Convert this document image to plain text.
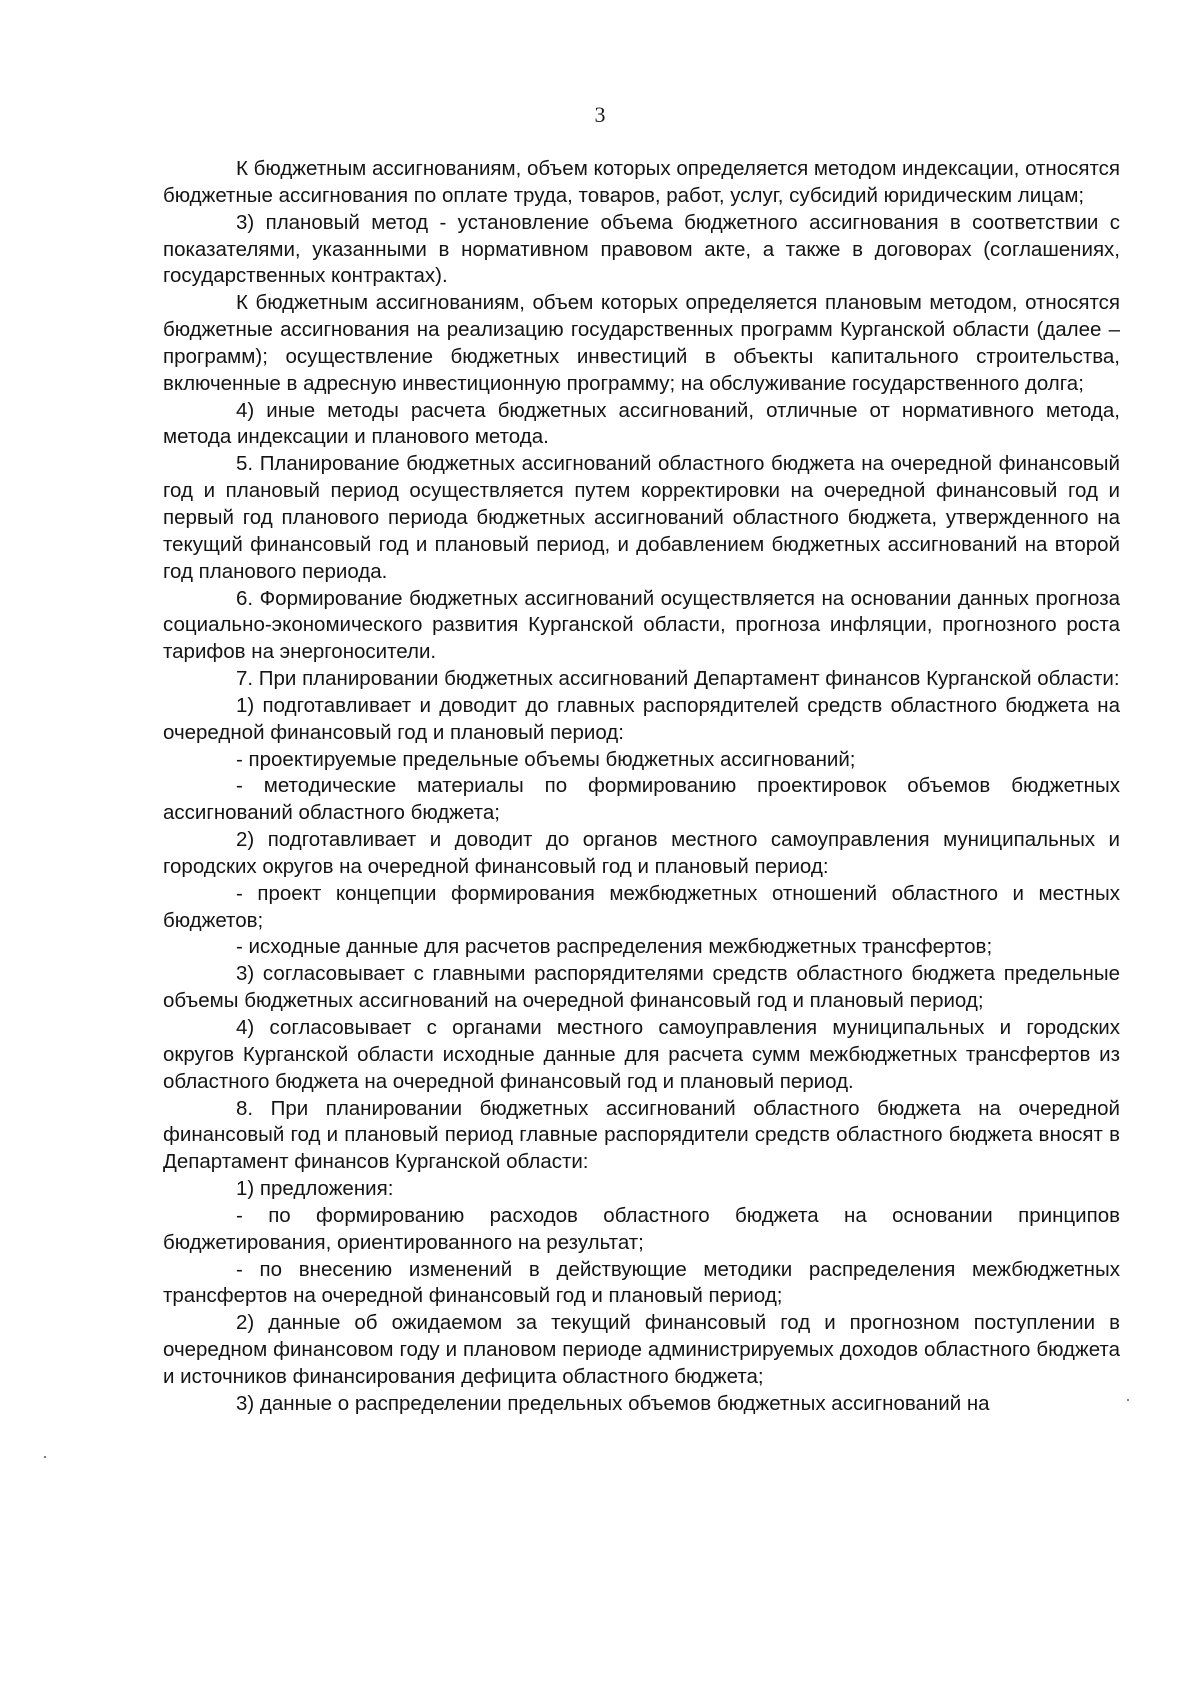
3

К бюджетным ассигнованиям, объем которых определяется методом индексации, относятся бюджетные ассигнования по оплате труда, товаров, работ, услуг, субсидий юридическим лицам;

3) плановый метод - установление объема бюджетного ассигнования в соответствии с показателями, указанными в нормативном правовом акте, а также в договорах (соглашениях, государственных контрактах).

К бюджетным ассигнованиям, объем которых определяется плановым методом, относятся бюджетные ассигнования на реализацию государственных программ Курганской области (далее – программ); осуществление бюджетных инвестиций в объекты капитального строительства, включенные в адресную инвестиционную программу; на обслуживание государственного долга;

4) иные методы расчета бюджетных ассигнований, отличные от нормативного метода, метода индексации и планового метода.

5. Планирование бюджетных ассигнований областного бюджета на очередной финансовый год и плановый период осуществляется путем корректировки на очередной финансовый год и первый год планового периода бюджетных ассигнований областного бюджета, утвержденного на текущий финансовый год и плановый период, и добавлением бюджетных ассигнований на второй год планового периода.

6. Формирование бюджетных ассигнований осуществляется на основании данных прогноза социально-экономического развития Курганской области, прогноза инфляции, прогнозного роста тарифов на энергоносители.

7. При планировании бюджетных ассигнований Департамент финансов Курганской области:

1) подготавливает и доводит до главных распорядителей средств областного бюджета на очередной финансовый год и плановый период:

- проектируемые предельные объемы бюджетных ассигнований;

- методические материалы по формированию проектировок объемов бюджетных ассигнований областного бюджета;

2) подготавливает и доводит до органов местного самоуправления муниципальных и городских округов на очередной финансовый год и плановый период:

- проект концепции формирования межбюджетных отношений областного и местных бюджетов;

- исходные данные для расчетов распределения межбюджетных трансфертов;

3) согласовывает с главными распорядителями средств областного бюджета предельные объемы бюджетных ассигнований на очередной финансовый год и плановый период;

4) согласовывает с органами местного самоуправления муниципальных и городских округов Курганской области исходные данные для расчета сумм межбюджетных трансфертов из областного бюджета на очередной финансовый год и плановый период.

8. При планировании бюджетных ассигнований областного бюджета на очередной финансовый год и плановый период главные распорядители средств областного бюджета вносят в Департамент финансов Курганской области:

1) предложения:

- по формированию расходов областного бюджета на основании принципов бюджетирования, ориентированного на результат;

- по внесению изменений в действующие методики распределения межбюджетных трансфертов на очередной финансовый год и плановый период;

2) данные об ожидаемом за текущий финансовый год и прогнозном поступлении в очередном финансовом году и плановом периоде администрируемых доходов областного бюджета и источников финансирования дефицита областного бюджета;

3) данные о распределении предельных объемов бюджетных ассигнований на
